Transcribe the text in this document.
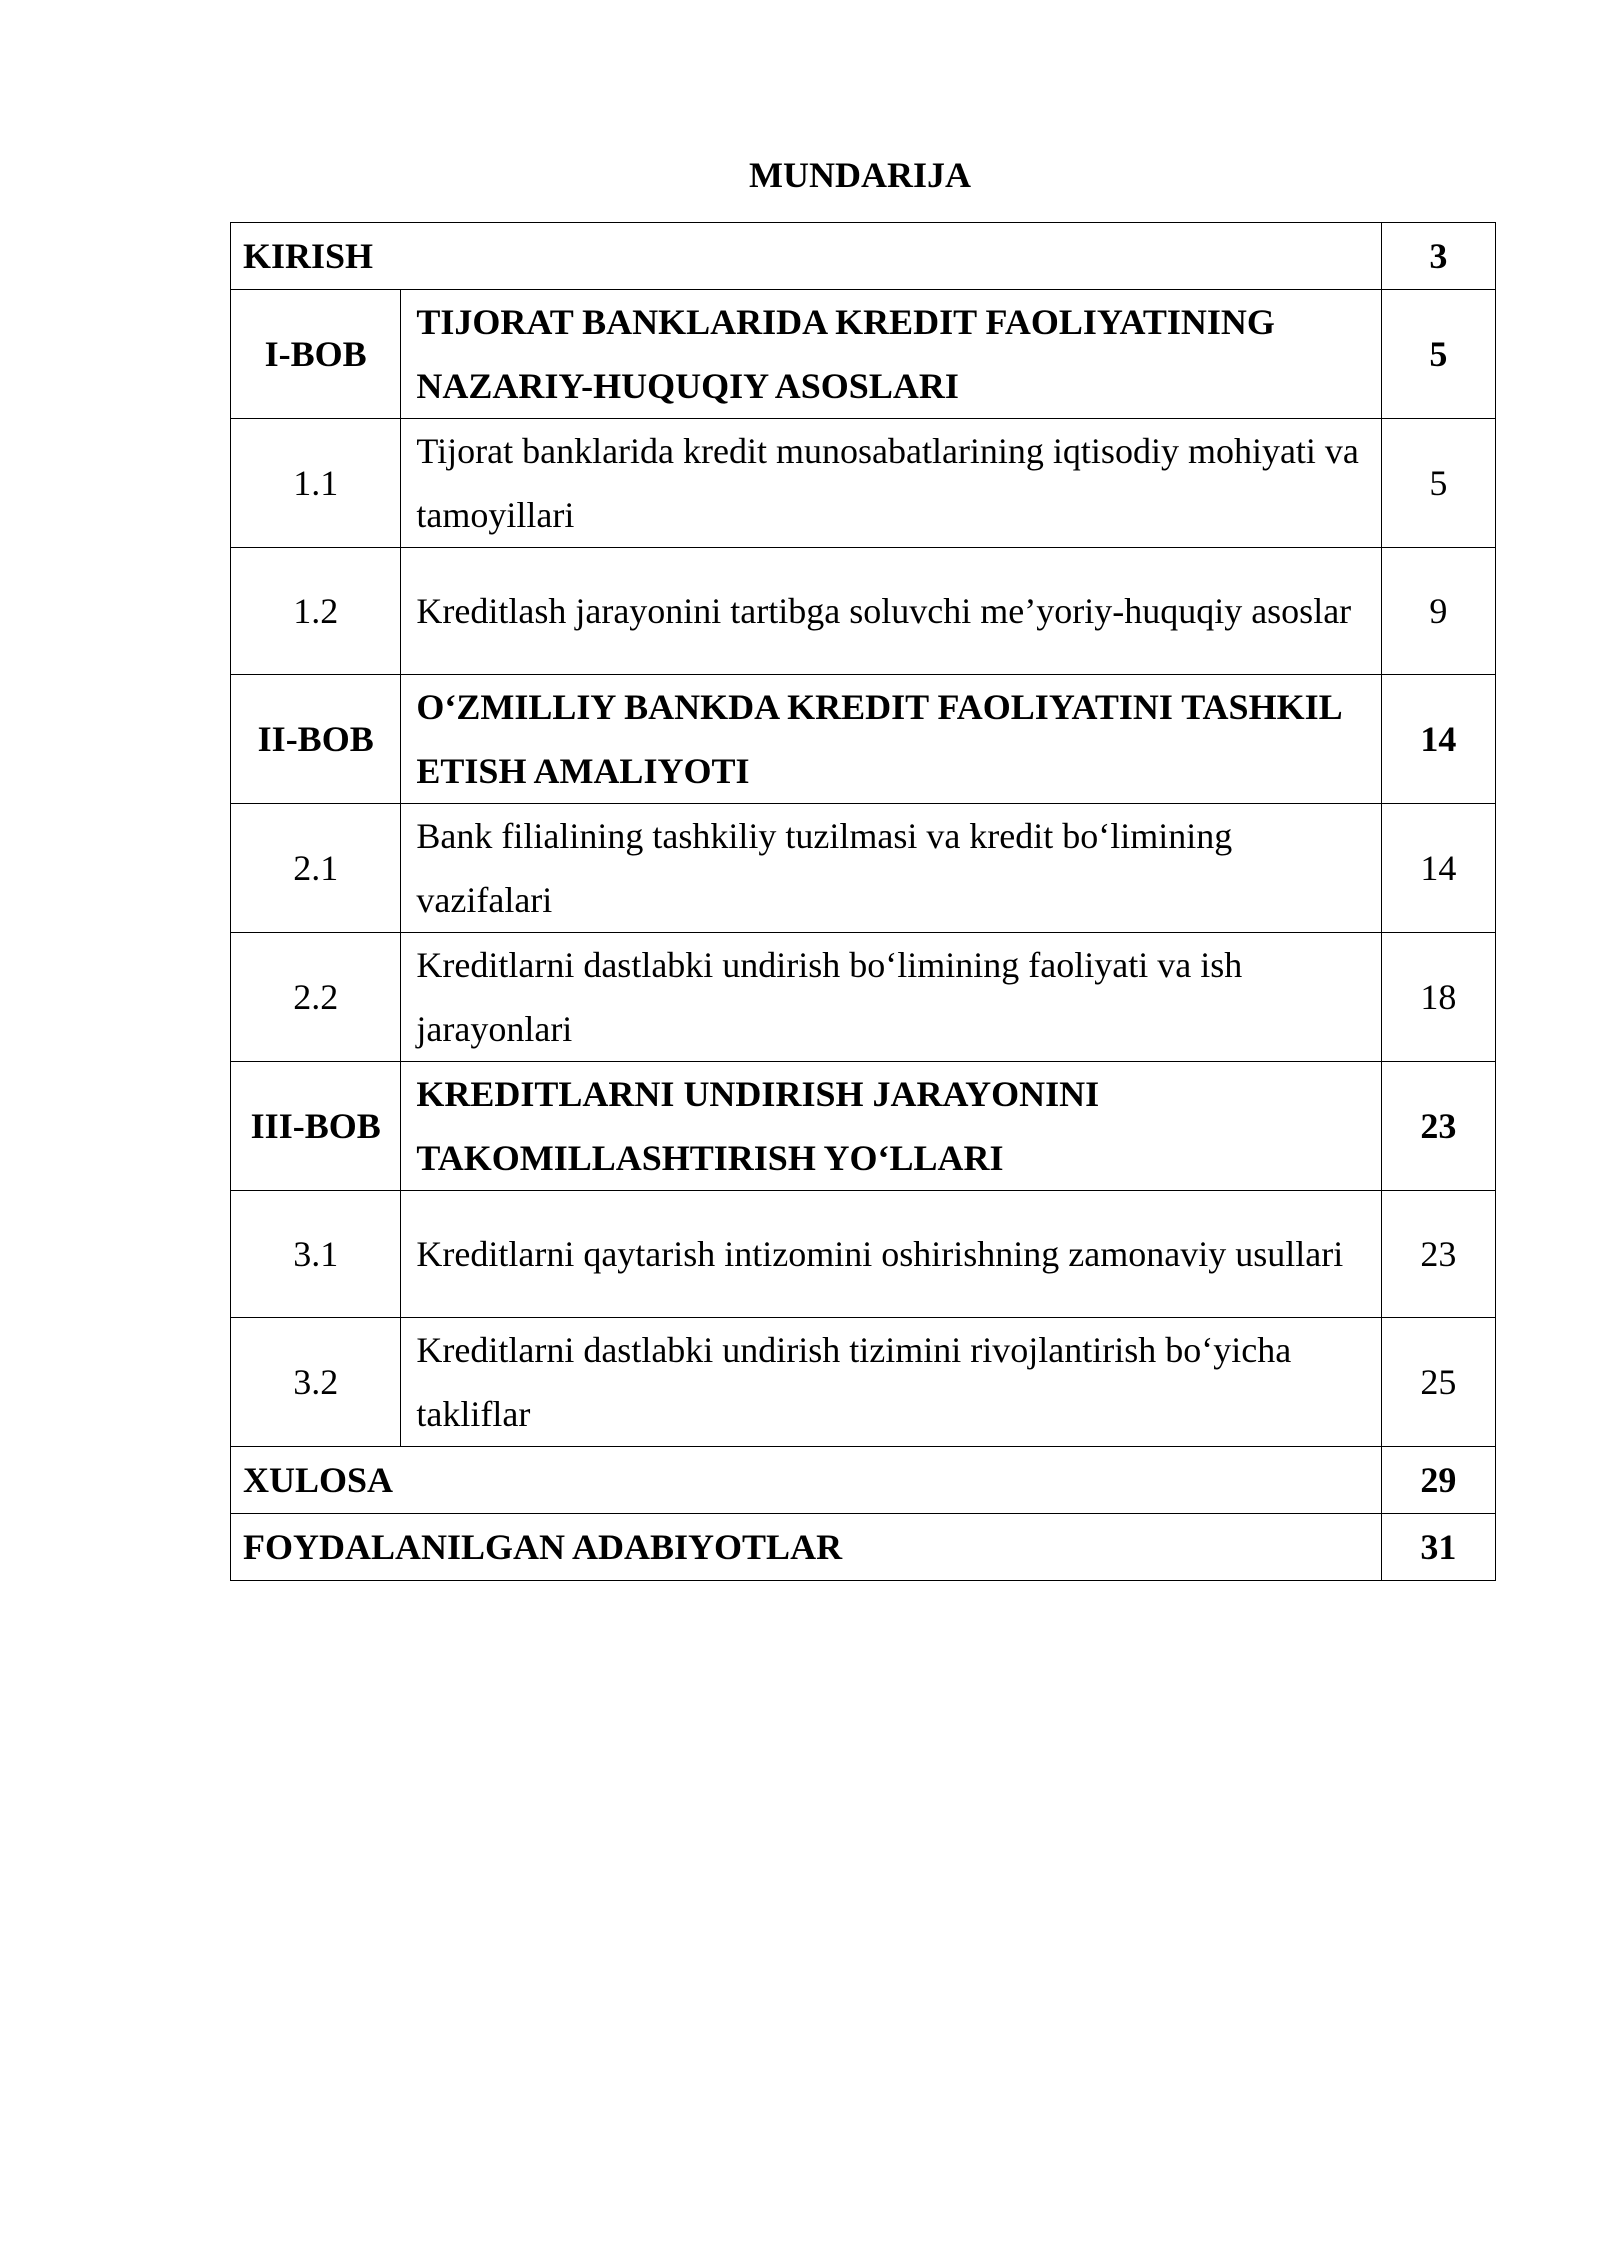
MUNDARIJA
KIRISH		3
I-BOB	TIJORAT BANKLARIDA KREDIT FAOLIYATINING NAZARIY-HUQUQIY ASOSLARI	5
1.1	Tijorat banklarida kredit munosabatlarining iqtisodiy mohiyati va tamoyillari	5
1.2	Kreditlash jarayonini tartibga soluvchi me’yoriy-huquqiy asoslar	9
II-BOB	O‘ZMILLIY BANKDA KREDIT FAOLIYATINI TASHKIL ETISH AMALIYOTI	14
2.1	Bank filialining tashkiliy tuzilmasi va kredit bo‘limining vazifalari	14
2.2	Kreditlarni dastlabki undirish bo‘limining faoliyati va ish jarayonlari	18
III-BOB	KREDITLARNI UNDIRISH JARAYONINI TAKOMILLASHTIRISH YO‘LLARI	23
3.1	Kreditlarni qaytarish intizomini oshirishning zamonaviy usullari	23
3.2	Kreditlarni dastlabki undirish tizimini rivojlantirish bo‘yicha takliflar	25
XULOSA		29
FOYDALANILGAN ADABIYOTLAR		31
